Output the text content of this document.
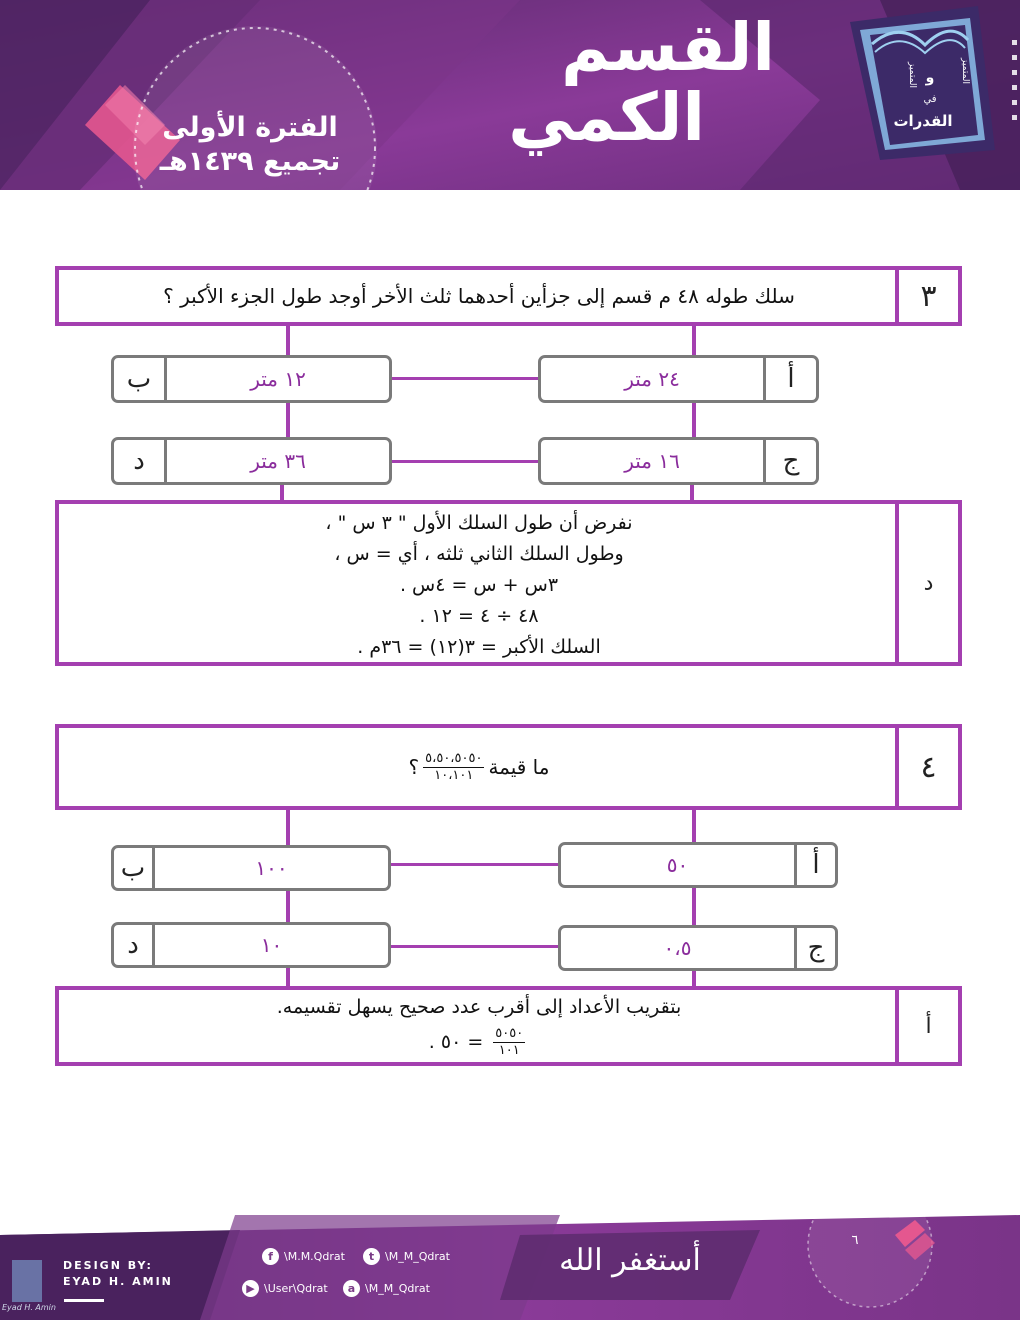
القسم
الكمي
الفترة الأولى
تجميع ١٤٣٩هـ
القدرات
المتميز	المتميز
في
و
٣
سلك طوله ٤٨ م قسم إلى جزأين أحدهما ثلث الأخر أوجد طول الجزء الأكبر ؟
أ
٢٤ متر
ب	١٢ متر
ج
١٦ متر
د	٣٦ متر
د
نفرض أن طول السلك الأول " ٣ س " ،
وطول السلك الثاني ثلثه ، أي = س ،
٣س + س = ٤س .
٤٨ ÷ ٤ = ١٢ .
السلك الأكبر = ٣(١٢) = ٣٦م .
٤
ما قيمة
$\frac{٥،٥٠،٥٠٥٠}{١٠،١٠١}$
؟
أ
٥٠
ب	١٠٠
ج
٠،٥
د	١٠
أ
بتقريب الأعداد إلى أقرب عدد صحيح يسهل تقسيمه.
$\frac{٥٠٥٠}{١٠١}$
= ٥٠ .
DESIGN BY:
EYAD H. AMIN
Eyad H. Amin
f	\M.M.Qdrat	t \M_M_Qdrat
▶ \User\Qdrat	a \M_M_Qdrat
أستغفر الله
٦
